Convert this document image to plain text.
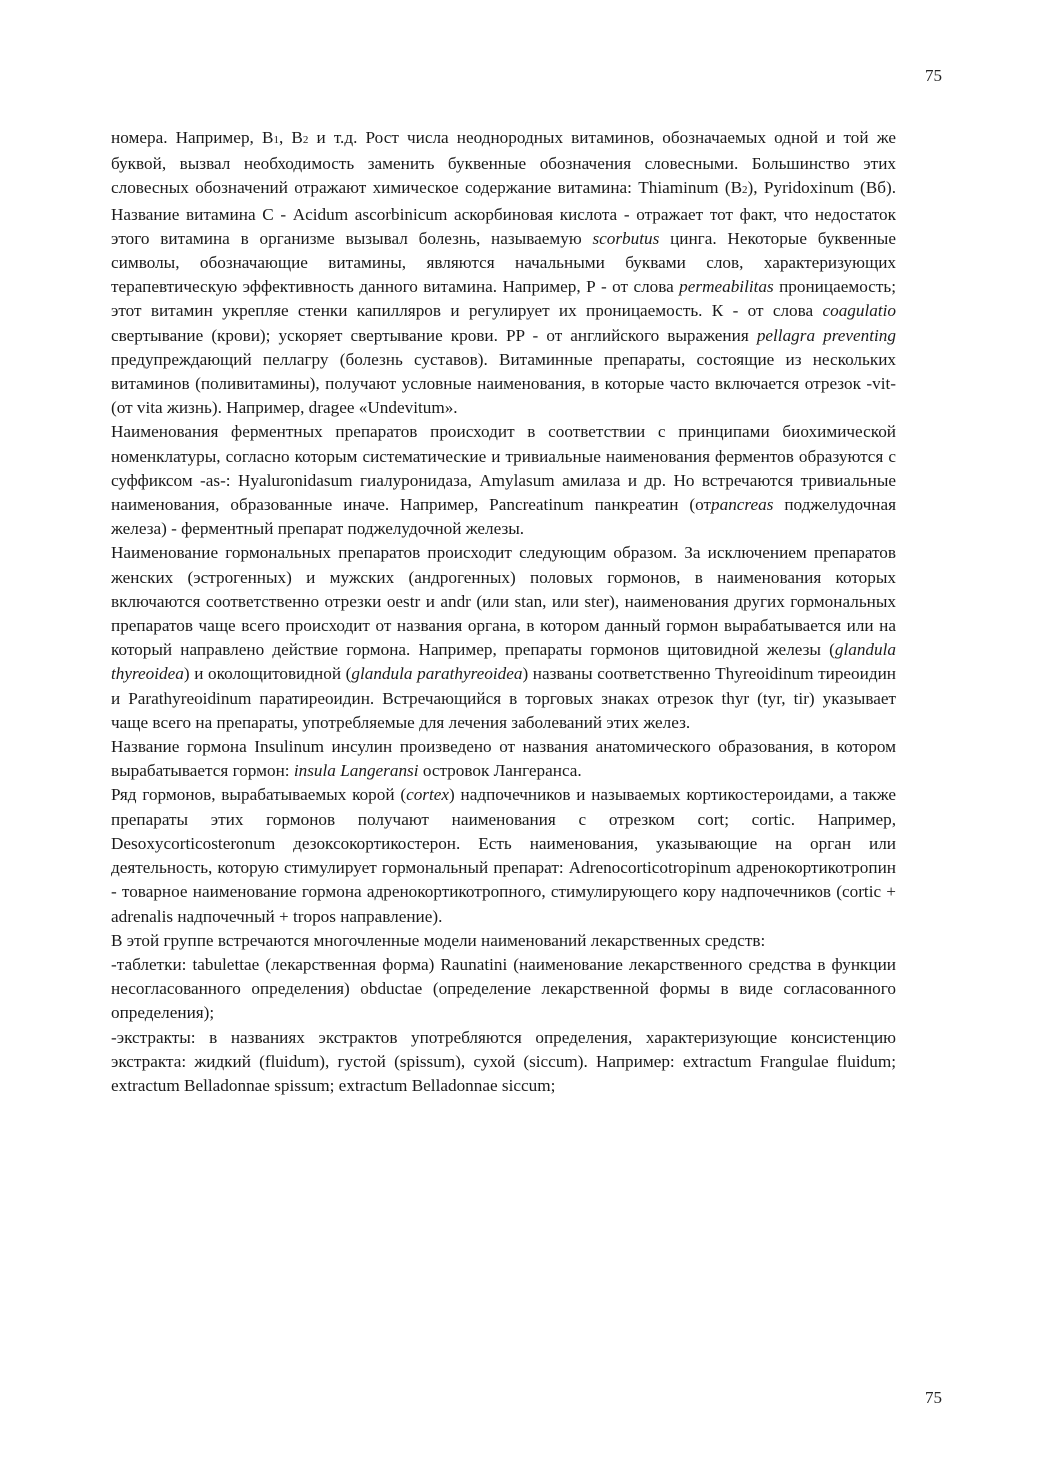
75

номера. Например, В1, В2 и т.д. Рост числа неоднородных витаминов, обозначаемых одной и той же буквой, вызвал необходимость заменить буквенные обозначения словесными. Большинство этих словесных обозначений отражают химическое содержание витамина: Thiaminum (В2), Pyridoxinum (Вб). Название витамина С - Acidum ascorbinicum аскорбиновая кислота - отражает тот факт, что недостаток этого витамина в организме вызывал болезнь, называемую scorbutus цинга. Некоторые буквенные символы, обозначающие витамины, являются начальными буквами слов, характеризующих терапевтическую эффективность данного витамина. Например, Р - от слова permeabilitas проницаемость; этот витамин укрепляе стенки капилляров и регулирует их проницаемость. К - от слова coagulatio свертывание (крови); ускоряет свертывание крови. PP - от английского выражения pellagra preventing предупреждающий пеллагру (болезнь суставов). Витаминные препараты, состоящие из нескольких витаминов (поливитамины), получают условные наименования, в которые часто включается отрезок -vit- (от vita жизнь). Например, dragee «Undevitum».

Наименования ферментных препаратов происходит в соответствии с принципами биохимической номенклатуры, согласно которым систематические и тривиальные наименования ферментов образуются с суффиксом -as-: Hyaluronidasum гиалуронидаза, Amylasum амилаза и др. Но встречаются тривиальные наименования, образованные иначе. Например, Pancreatinum панкреатин (отpancreas поджелудочная железа) - ферментный препарат поджелудочной железы.

Наименование гормональных препаратов происходит следующим образом. За исключением препаратов женских (эстрогенных) и мужских (андрогенных) половых гормонов, в наименования которых включаются соответственно отрезки oestr и andr (или stan, или ster), наименования других гормональных препаратов чаще всего происходит от названия органа, в котором данный гормон вырабатывается или на который направлено действие гормона. Например, препараты гормонов щитовидной железы (glandula thyreoidea) и околощитовидной (glandula parathyreoidea) названы соответственно Thyreoidinum тиреоидин и Parathyreoidinum паратиреоидин. Встречающийся в торговых знаках отрезок thyr (tyr, tir) указывает чаще всего на препараты, употребляемые для лечения заболеваний этих желез.

Название гормона Insulinum инсулин произведено от названия анатомического образования, в котором вырабатывается гормон: insula Langeransi островок Лангеранса.

Ряд гормонов, вырабатываемых корой (cortex) надпочечников и называемых кортикостероидами, а также препараты этих гормонов получают наименования с отрезком cort; cortic. Например, Desoxycorticosteronum дезоксокортикостерон. Есть наименования, указывающие на орган или деятельность, которую стимулирует гормональный препарат: Adrenocorticotropinum адренокортикотропин - товарное наименование гормона адренокортикотропного, стимулирующего кору надпочечников (cortic + adrenalis надпочечный + tropos направление).

В этой группе встречаются многочленные модели наименований лекарственных средств:

-таблетки: tabulettae (лекарственная форма) Raunatini (наименование лекарственного средства в функции несогласованного определения) obductae (определение лекарственной формы в виде согласованного определения);

-экстракты: в названиях экстрактов употребляются определения, характеризующие консистенцию экстракта: жидкий (fluidum), густой (spissum), сухой (siccum). Например: extractum Frangulae fluidum; extractum Belladonnae spissum; extractum Belladonnae siccum;

75
